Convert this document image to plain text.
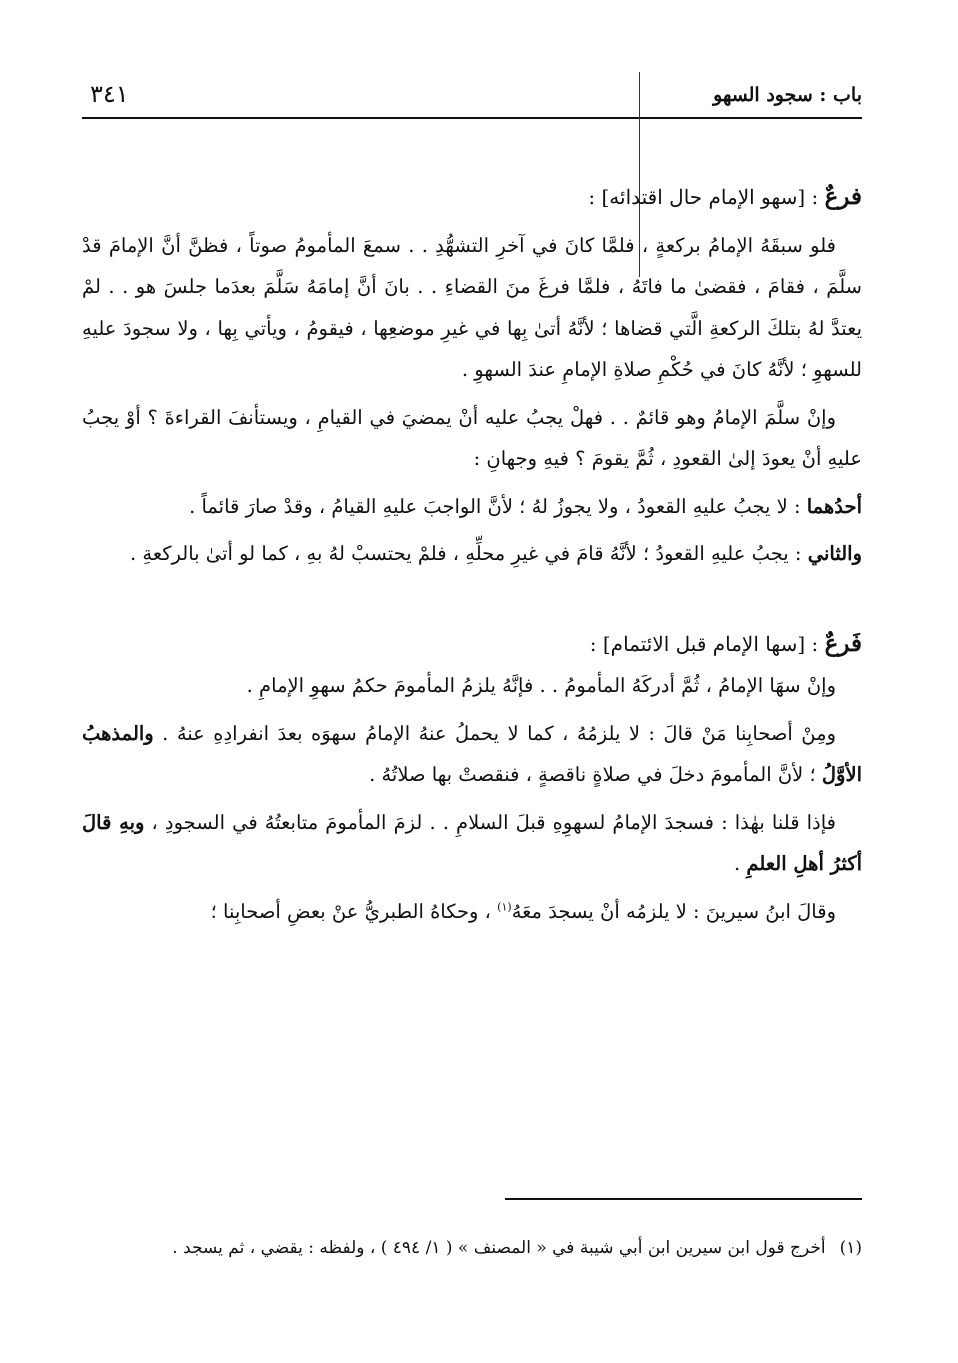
باب : سجود السهو
٣٤١

فرعٌ : [سهو الإمام حال اقتدائه] :

فلو سبقَهُ الإمامُ بركعةٍ ، فلمَّا كانَ في آخرِ التشهُّدِ . . سمعَ المأمومُ صوتاً ، فظنَّ أنَّ الإمامَ قدْ سلَّمَ ، فقامَ ، فقضىٰ ما فاتَهُ ، فلمَّا فرغَ منَ القضاءِ . . بانَ أنَّ إمامَهُ سَلَّمَ بعدَما جلسَ هو . . لمْ يعتدَّ لهُ بتلكَ الركعةِ الَّتي قضاها ؛ لأنَّهُ أتىٰ بِها في غيرِ موضعِها ، فيقومُ ، ويأتي بِها ، ولا سجودَ عليهِ للسهوِ ؛ لأنَّهُ كانَ في حُكْمِ صلاةِ الإمامِ عندَ السهوِ .

وإنْ سلَّمَ الإمامُ وهو قائمٌ . . فهلْ يجبُ عليه أنْ يمضيَ في القيامِ ، ويستأنفَ القراءةَ ؟ أوْ يجبُ عليهِ أنْ يعودَ إلىٰ القعودِ ، ثُمَّ يقومَ ؟ فيهِ وجهانِ :

أحدُهما : لا يجبُ عليهِ القعودُ ، ولا يجوزُ لهُ ؛ لأنَّ الواجبَ عليهِ القيامُ ، وقدْ صارَ قائماً .

والثاني : يجبُ عليهِ القعودُ ؛ لأنَّهُ قامَ في غيرِ محلِّهِ ، فلمْ يحتسبْ لهُ بهِ ، كما لو أتىٰ بالركعةِ .

فَرعٌ : [سها الإمام قبل الائتمام] :

وإنْ سهَا الإمامُ ، ثُمَّ أدركَهُ المأمومُ . . فإنَّهُ يلزمُ المأمومَ حكمُ سهوِ الإمامِ .

ومِنْ أصحابِنا مَنْ قالَ : لا يلزمُهُ ، كما لا يحملُ عنهُ الإمامُ سهوَه بعدَ انفرادِهِ عنهُ . والمذهبُ الأوَّلُ ؛ لأنَّ المأمومَ دخلَ في صلاةٍ ناقصةٍ ، فنقصتْ بها صلاتُهُ .

فإذا قلنا بهٰذا : فسجدَ الإمامُ لسهوِهِ قبلَ السلامِ . . لزمَ المأمومَ متابعتُهُ في السجودِ ، وبهِ قالَ أكثرُ أهلِ العلمِ .

وقالَ ابنُ سيرينَ : لا يلزمُه أنْ يسجدَ معَهُ$^{(١)}$ ، وحكاهُ الطبريُّ عنْ بعضِ أصحابِنا ؛

(١)أخرج قول ابن سيرين ابن أبي شيبة في « المصنف » ( ١/ ٤٩٤ ) ، ولفظه : يقضي ، ثم يسجد .
